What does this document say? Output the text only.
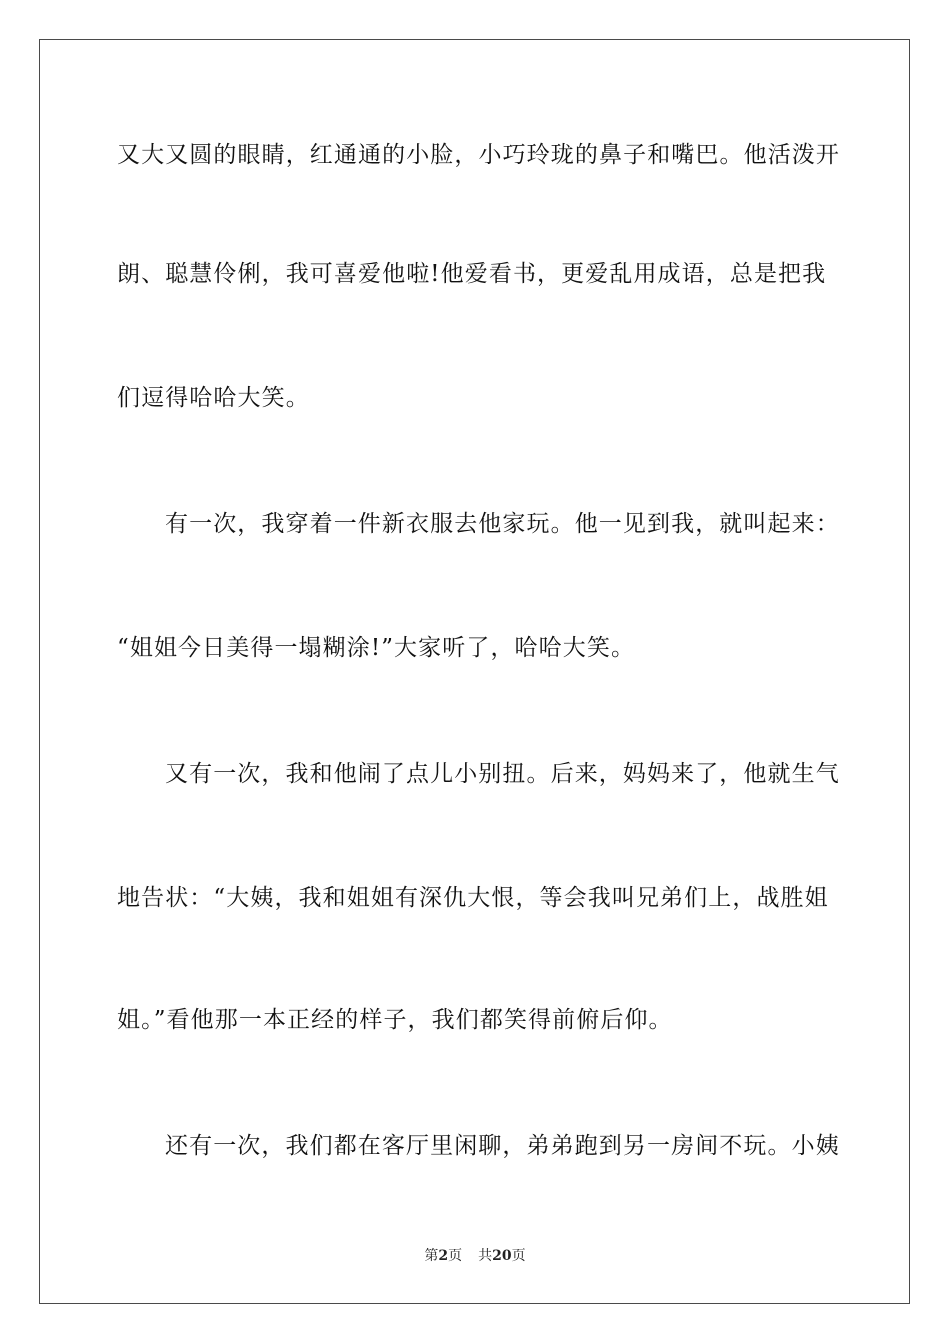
又大又圆的眼睛，红通通的小脸，小巧玲珑的鼻子和嘴巴。他活泼开
朗、聪慧伶俐，我可喜爱他啦!他爱看书，更爱乱用成语，总是把我
们逗得哈哈大笑。
有一次，我穿着一件新衣服去他家玩。他一见到我，就叫起来：
“姐姐今日美得一塌糊涂!”大家听了，哈哈大笑。
又有一次，我和他闹了点儿小别扭。后来，妈妈来了，他就生气
地告状：“大姨，我和姐姐有深仇大恨，等会我叫兄弟们上，战胜姐
姐。”看他那一本正经的样子，我们都笑得前俯后仰。
还有一次，我们都在客厅里闲聊，弟弟跑到另一房间不玩。小姨
第2页 共20页
